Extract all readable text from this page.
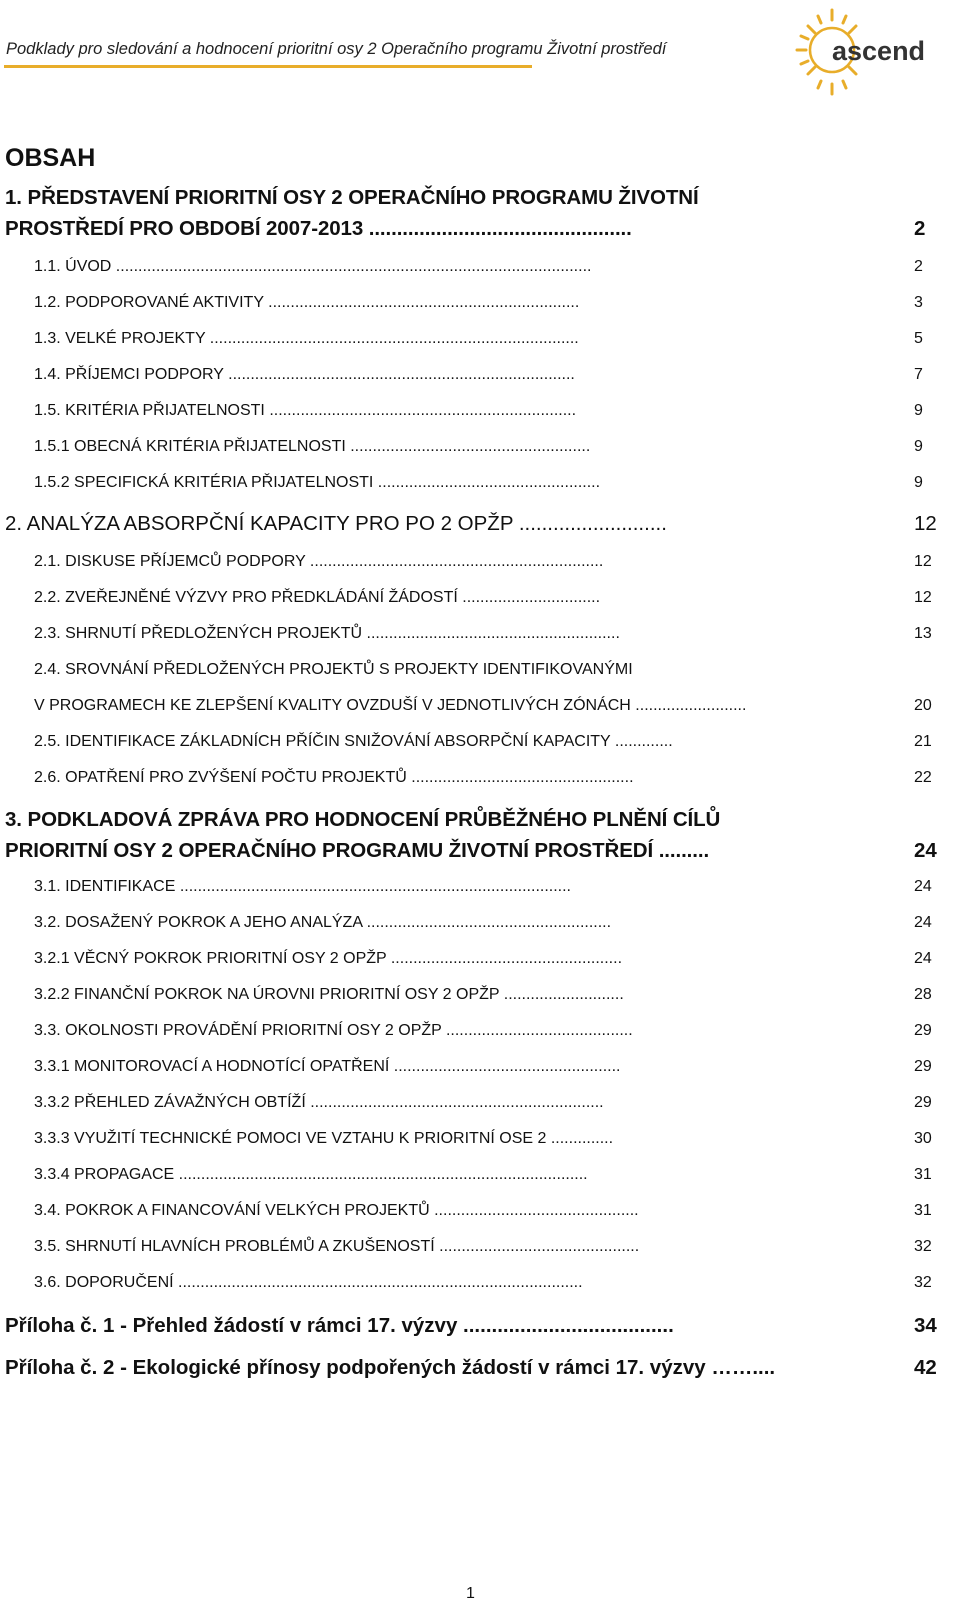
Podklady pro sledování a hodnocení prioritní osy 2 Operačního programu Životní prostředí	ascend
OBSAH
1. PŘEDSTAVENÍ PRIORITNÍ OSY 2 OPERAČNÍHO PROGRAMU ŽIVOTNÍ
PROSTŘEDÍ PRO OBDOBÍ 2007-2013 ...............................................	2
1.1. ÚVOD ...........................................................................................................	2
1.2. PODPOROVANÉ AKTIVITY ......................................................................	3
1.3. VELKÉ PROJEKTY ...................................................................................	5
1.4. PŘÍJEMCI PODPORY ..............................................................................	7
1.5. KRITÉRIA PŘIJATELNOSTI .....................................................................	9
1.5.1 OBECNÁ KRITÉRIA PŘIJATELNOSTI ......................................................	9
1.5.2 SPECIFICKÁ KRITÉRIA PŘIJATELNOSTI ..................................................	9
2. ANALÝZA ABSORPČNÍ KAPACITY PRO PO 2 OPŽP ..........................	12
2.1. DISKUSE PŘÍJEMCŮ PODPORY ..................................................................	12
2.2. ZVEŘEJNĚNÉ VÝZVY PRO PŘEDKLÁDÁNÍ ŽÁDOSTÍ ...............................	12
2.3. SHRNUTÍ PŘEDLOŽENÝCH PROJEKTŮ .........................................................	13
2.4. SROVNÁNÍ PŘEDLOŽENÝCH PROJEKTŮ S PROJEKTY IDENTIFIKOVANÝMI
V PROGRAMECH KE ZLEPŠENÍ KVALITY OVZDUŠÍ V JEDNOTLIVÝCH ZÓNÁCH .........................	20
2.5. IDENTIFIKACE ZÁKLADNÍCH PŘÍČIN SNIŽOVÁNÍ ABSORPČNÍ KAPACITY .............	21
2.6. OPATŘENÍ PRO ZVÝŠENÍ POČTU PROJEKTŮ ..................................................	22
3. PODKLADOVÁ ZPRÁVA PRO HODNOCENÍ PRŮBĚŽNÉHO PLNĚNÍ CÍLŮ
PRIORITNÍ OSY 2 OPERAČNÍHO PROGRAMU ŽIVOTNÍ PROSTŘEDÍ .........	24
3.1. IDENTIFIKACE ........................................................................................	24
3.2. DOSAŽENÝ POKROK A JEHO ANALÝZA .......................................................	24
3.2.1 VĚCNÝ POKROK PRIORITNÍ OSY 2 OPŽP ....................................................	24
3.2.2 FINANČNÍ POKROK NA ÚROVNI PRIORITNÍ OSY 2 OPŽP ...........................	28
3.3. OKOLNOSTI PROVÁDĚNÍ PRIORITNÍ OSY 2 OPŽP ..........................................	29
3.3.1 MONITOROVACÍ A HODNOTÍCÍ OPATŘENÍ ...................................................	29
3.3.2 PŘEHLED ZÁVAŽNÝCH OBTÍŽÍ ..................................................................	29
3.3.3 VYUŽITÍ TECHNICKÉ POMOCI VE VZTAHU K PRIORITNÍ OSE 2 ..............	30
3.3.4 PROPAGACE ............................................................................................	31
3.4. POKROK A FINANCOVÁNÍ VELKÝCH PROJEKTŮ ..............................................	31
3.5. SHRNUTÍ HLAVNÍCH PROBLÉMŮ A ZKUŠENOSTÍ .............................................	32
3.6. DOPORUČENÍ ...........................................................................................	32
Příloha č. 1 - Přehled žádostí v rámci 17. výzvy .....................................	34
Příloha č. 2 - Ekologické přínosy podpořených žádostí v rámci 17. výzvy ……....	42
1
